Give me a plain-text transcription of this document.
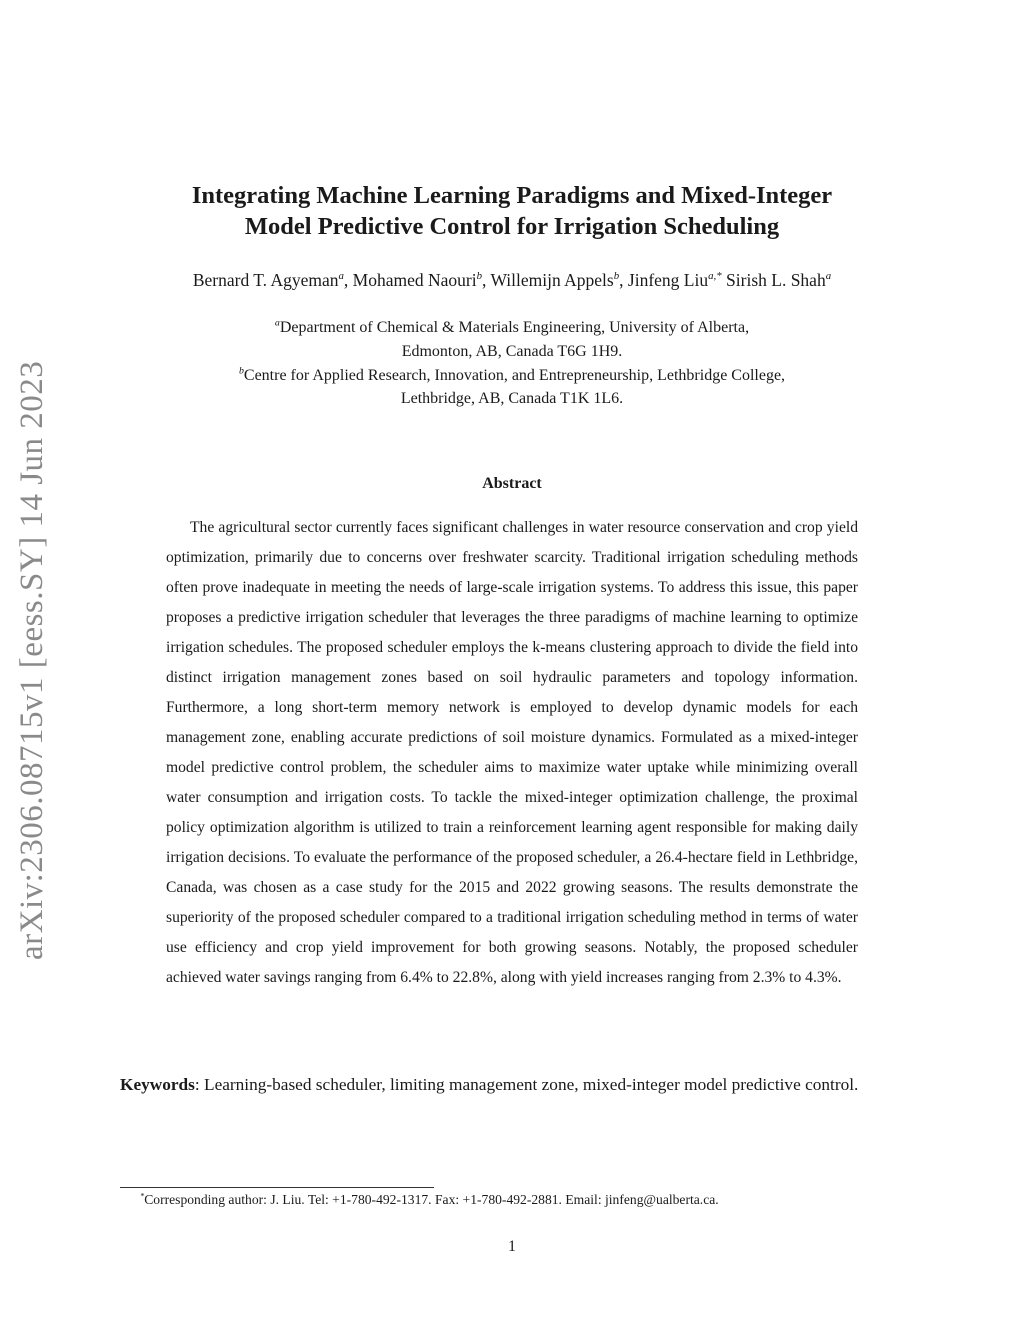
arXiv:2306.08715v1 [eess.SY] 14 Jun 2023
Integrating Machine Learning Paradigms and Mixed-Integer
Model Predictive Control for Irrigation Scheduling
Bernard T. Agyeman$^a$, Mohamed Naouri$^b$, Willemijn Appels$^b$, Jinfeng Liu$^{a,*}$ Sirish L. Shah$^a$
$^a$Department of Chemical & Materials Engineering, University of Alberta,
Edmonton, AB, Canada T6G 1H9.
$^b$Centre for Applied Research, Innovation, and Entrepreneurship, Lethbridge College,
Lethbridge, AB, Canada T1K 1L6.
Abstract

The agricultural sector currently faces significant challenges in water resource conservation and crop yield optimization, primarily due to concerns over freshwater scarcity. Traditional irrigation scheduling methods often prove inadequate in meeting the needs of large-scale irrigation systems. To address this issue, this paper proposes a predictive irrigation scheduler that leverages the three paradigms of machine learning to optimize irrigation schedules. The proposed scheduler employs the k-means clustering approach to divide the field into distinct irrigation management zones based on soil hydraulic parameters and topology information. Furthermore, a long short-term memory network is employed to develop dynamic models for each management zone, enabling accurate predictions of soil moisture dynamics. Formulated as a mixed-integer model predictive control problem, the scheduler aims to maximize water uptake while minimizing overall water consumption and irrigation costs. To tackle the mixed-integer optimization challenge, the proximal policy optimization algorithm is utilized to train a reinforcement learning agent responsible for making daily irrigation decisions. To evaluate the performance of the proposed scheduler, a 26.4-hectare field in Lethbridge, Canada, was chosen as a case study for the 2015 and 2022 growing seasons. The results demonstrate the superiority of the proposed scheduler compared to a traditional irrigation scheduling method in terms of water use efficiency and crop yield improvement for both growing seasons. Notably, the proposed scheduler achieved water savings ranging from 6.4% to 22.8%, along with yield increases ranging from 2.3% to 4.3%.

Keywords: Learning-based scheduler, limiting management zone, mixed-integer model predictive control.
*Corresponding author: J. Liu. Tel: +1-780-492-1317. Fax: +1-780-492-2881. Email: jinfeng@ualberta.ca.
1
